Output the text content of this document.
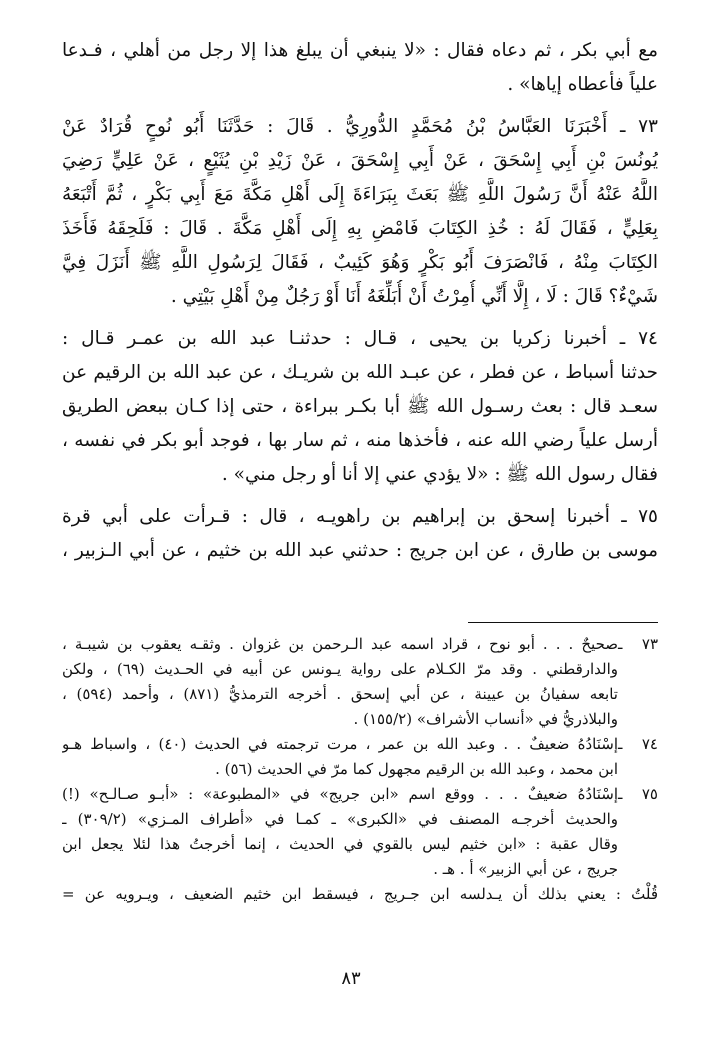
مع أبي بكر ، ثم دعاه فقال : «لا ينبغي أن يبلغ هذا إلا رجل من أهلي ، فـدعا
علياً فأعطاه إياها» .
٧٣ ـ أَخْبَرَنَا العَبَّاسُ بْنُ مُحَمَّدٍ الدُّورِيُّ . قَالَ : حَدَّثَنَا أَبُو نُوحٍ قُرَادٌ عَنْ
يُونُسَ بْنِ أَبِي إِسْحَقَ ، عَنْ أَبِي إِسْحَقَ ، عَنْ زَيْدِ بْنِ يُثَيْعٍ ، عَنْ عَلِيٍّ رَضِيَ
اللَّهُ عَنْهُ أَنَّ رَسُولَ اللَّهِ ﷺ بَعَثَ بِبَرَاءَةَ إِلَى أَهْلِ مَكَّةَ مَعَ أَبِي بَكْرٍ ، ثُمَّ أَتْبَعَهُ
بِعَلِيٍّ ، فَقَالَ لَهُ : خُذِ الكِتَابَ فَامْضِ بِهِ إِلَى أَهْلِ مَكَّةَ . قَالَ : فَلَحِقَهُ فَأَخَذَ
الكِتَابَ مِنْهُ ، فَانْصَرَفَ أَبُو بَكْرٍ وَهُوَ كَئِيبٌ ، فَقَالَ لِرَسُولِ اللَّهِ ﷺ أَنَزَلَ فِيَّ
شَيْءٌ؟ قَالَ : لَا ، إِلَّا أَنِّي أُمِرْتُ أَنْ أُبَلِّغَهُ أَنَا أَوْ رَجُلٌ مِنْ أَهْلِ بَيْتِي .
٧٤ ـ أخبرنا زكريا بن يحيى ، قـال : حدثنـا عبد الله بن عمـر قـال :
حدثنا أسباط ، عن فطر ، عن عبـد الله بن شريـك ، عن عبد الله بن الرقيم عن
سعـد قال : بعث رسـول الله ﷺ أبا بكـر ببراءة ، حتى إذا كـان ببعض الطريق
أرسل علياً رضي الله عنه ، فأخذها منه ، ثم سار بها ، فوجد أبو بكر في نفسه ،
فقال رسول الله ﷺ : «لا يؤدي عني إلا أنا أو رجل مني» .
٧٥ ـ أخبرنا إسحق بن إبراهيم بن راهويـه ، قال : قـرأت على أبي قرة
موسى بن طارق ، عن ابن جريج : حدثني عبد الله بن خثيم ، عن أبي الـزبير ،
٧٣ ـصحيحٌ . . . أبو نوح ، قراد اسمه عبد الـرحمن بن غزوان . وثقـه يعقوب بن شيبـة ،
والدارقطني . وقد مرّ الكـلام على رواية يـونس عن أبيه في الحـديث (٦٩) ، ولكن
تابعه سفيانُ بن عيينة ، عن أبي إسحق . أخرجه الترمذيُّ (٨٧١) ، وأحمد (٥٩٤) ،
والبلاذريُّ في «أنساب الأشراف» (١٥٥/٢) .
٧٤ ـإسْنَادُهُ ضعيفٌ . . وعبد الله بن عمر ، مرت ترجمته في الحديث (٤٠) ، واسباط هـو
ابن محمد ، وعبد الله بن الرقيم مجهول كما مرّ في الحديث (٥٦) .
٧٥ ـإسْنَادُهُ ضعيفٌ . . . ووقع اسم «ابن جريج» في «المطبوعة» : «أبـو صـالـح» (!)
والحديث أخرجـه المصنف في «الكبرى» ـ كمـا في «أطراف المـزي» (٣٠٩/٢) ـ
وقال عقبة : «ابن خثيم ليس بالقوي في الحديث ، إنما أخرجتُ هذا لئلا يجعل ابن
جريج ، عن أبي الزبير» أ . هـ .
قُلْتُ : يعني بذلك أن يـدلسه ابن جـريج ، فيسقط ابن خثيم الضعيف ، ويـرويه عن =
٨٣
